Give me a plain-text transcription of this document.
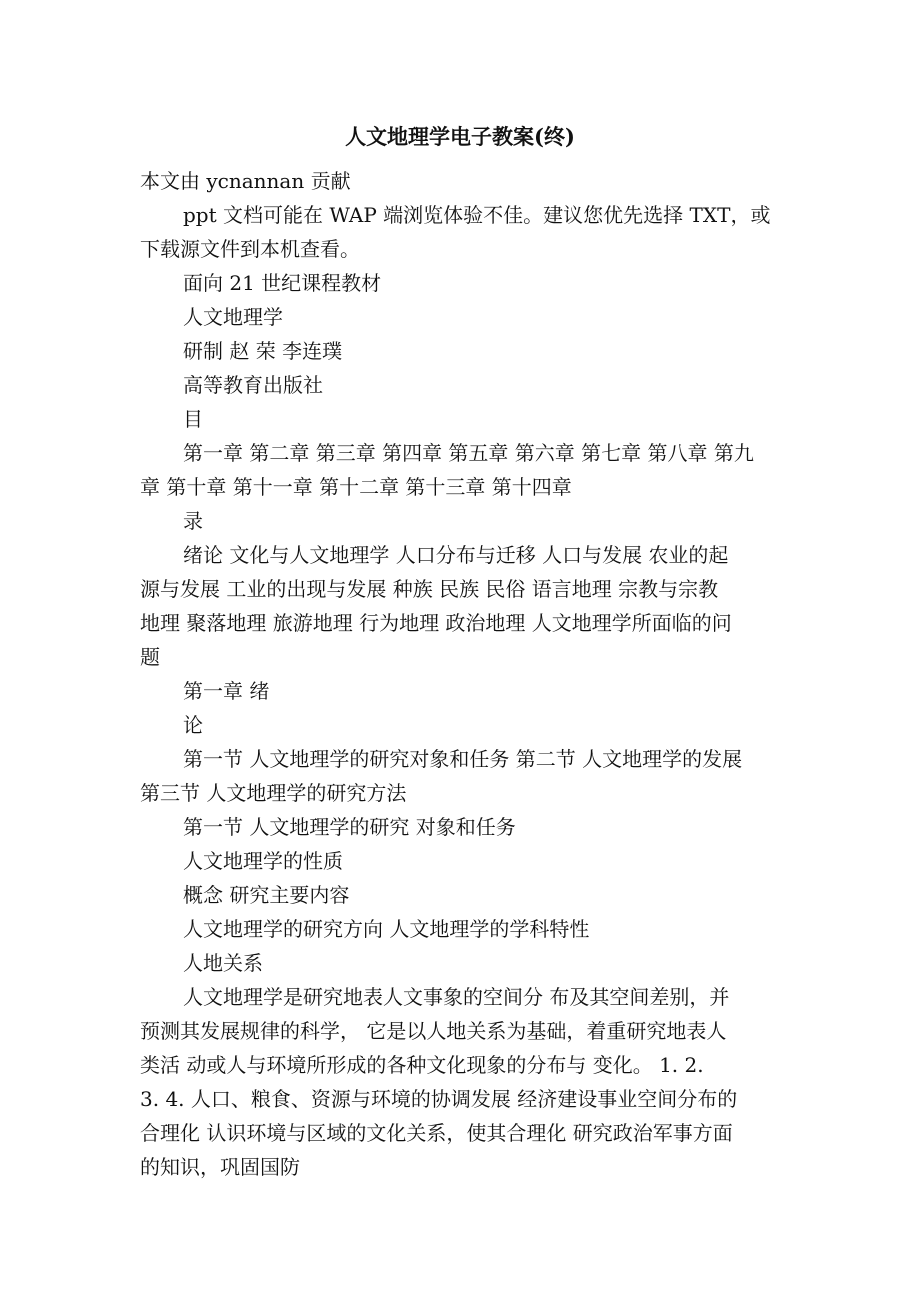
人文地理学电子教案(终)
本文由 ycnannan 贡献
ppt 文档可能在 WAP 端浏览体验不佳。建议您优先选择 TXT，或
下载源文件到本机查看。
面向 21 世纪课程教材
人文地理学
研制 赵 荣 李连璞
高等教育出版社
目
第一章 第二章 第三章 第四章 第五章 第六章 第七章 第八章 第九
章 第十章 第十一章 第十二章 第十三章 第十四章
录
绪论 文化与人文地理学 人口分布与迁移 人口与发展 农业的起
源与发展 工业的出现与发展 种族 民族 民俗 语言地理 宗教与宗教
地理 聚落地理 旅游地理 行为地理 政治地理 人文地理学所面临的问
题
第一章 绪
论
第一节 人文地理学的研究对象和任务 第二节 人文地理学的发展
第三节 人文地理学的研究方法
第一节 人文地理学的研究 对象和任务
人文地理学的性质
概念 研究主要内容
人文地理学的研究方向 人文地理学的学科特性
人地关系
人文地理学是研究地表人文事象的空间分 布及其空间差别，并
预测其发展规律的科学， 它是以人地关系为基础，着重研究地表人
类活 动或人与环境所形成的各种文化现象的分布与 变化。 1. 2.
3. 4. 人口、粮食、资源与环境的协调发展 经济建设事业空间分布的
合理化 认识环境与区域的文化关系，使其合理化 研究政治军事方面
的知识，巩固国防
